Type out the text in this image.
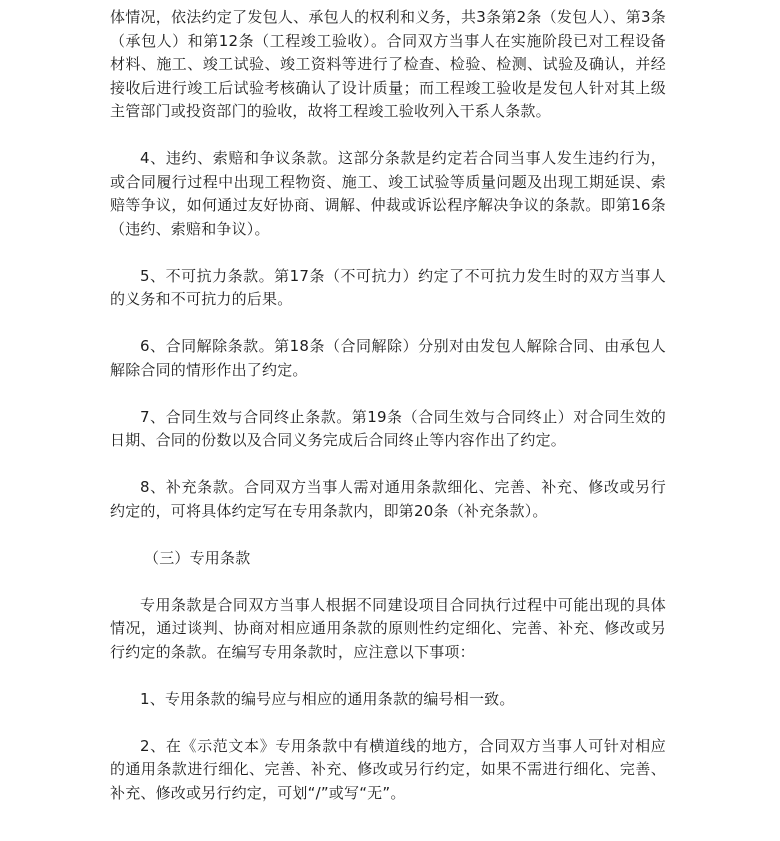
体情况，依法约定了发包人、承包人的权利和义务，共3条第2条（发包人）、第3条（承包人）和第12条（工程竣工验收）。合同双方当事人在实施阶段已对工程设备材料、施工、竣工试验、竣工资料等进行了检查、检验、检测、试验及确认，并经接收后进行竣工后试验考核确认了设计质量；而工程竣工验收是发包人针对其上级主管部门或投资部门的验收，故将工程竣工验收列入干系人条款。

4、违约、索赔和争议条款。这部分条款是约定若合同当事人发生违约行为，或合同履行过程中出现工程物资、施工、竣工试验等质量问题及出现工期延误、索赔等争议，如何通过友好协商、调解、仲裁或诉讼程序解决争议的条款。即第16条（违约、索赔和争议）。

5、不可抗力条款。第17条（不可抗力）约定了不可抗力发生时的双方当事人的义务和不可抗力的后果。

6、合同解除条款。第18条（合同解除）分别对由发包人解除合同、由承包人解除合同的情形作出了约定。

7、合同生效与合同终止条款。第19条（合同生效与合同终止）对合同生效的日期、合同的份数以及合同义务完成后合同终止等内容作出了约定。

8、补充条款。合同双方当事人需对通用条款细化、完善、补充、修改或另行约定的，可将具体约定写在专用条款内，即第20条（补充条款）。

（三）专用条款

专用条款是合同双方当事人根据不同建设项目合同执行过程中可能出现的具体情况，通过谈判、协商对相应通用条款的原则性约定细化、完善、补充、修改或另行约定的条款。在编写专用条款时，应注意以下事项：

1、专用条款的编号应与相应的通用条款的编号相一致。

2、在《示范文本》专用条款中有横道线的地方，合同双方当事人可针对相应的通用条款进行细化、完善、补充、修改或另行约定，如果不需进行细化、完善、补充、修改或另行约定，可划“/”或写“无”。
